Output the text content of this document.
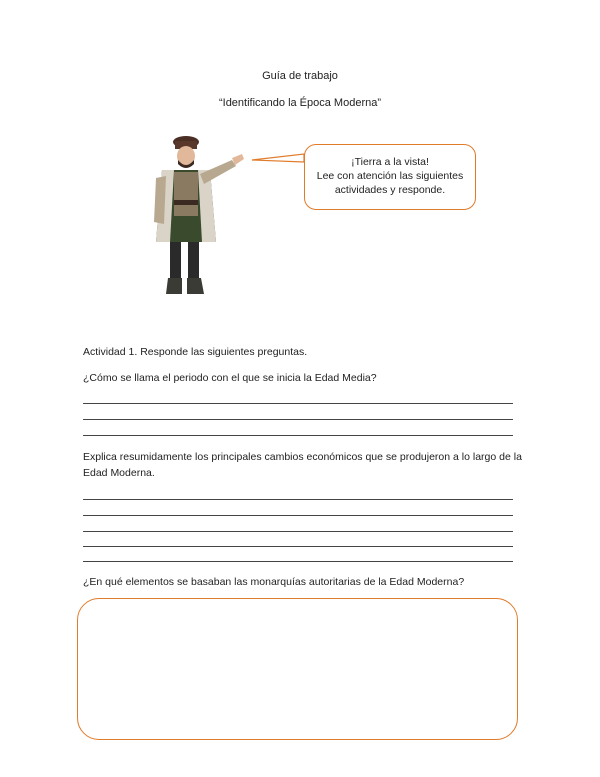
Guía de trabajo
“Identificando la Época Moderna”
¡Tierra a la vista!
Lee con atención las siguientes
actividades y responde.
Actividad 1. Responde las siguientes preguntas.
¿Cómo se llama el periodo con el que se inicia la Edad Media?
Explica resumidamente los principales cambios económicos que se produjeron a lo largo de la
Edad Moderna.
¿En qué elementos se basaban las monarquías autoritarias de la Edad Moderna?
